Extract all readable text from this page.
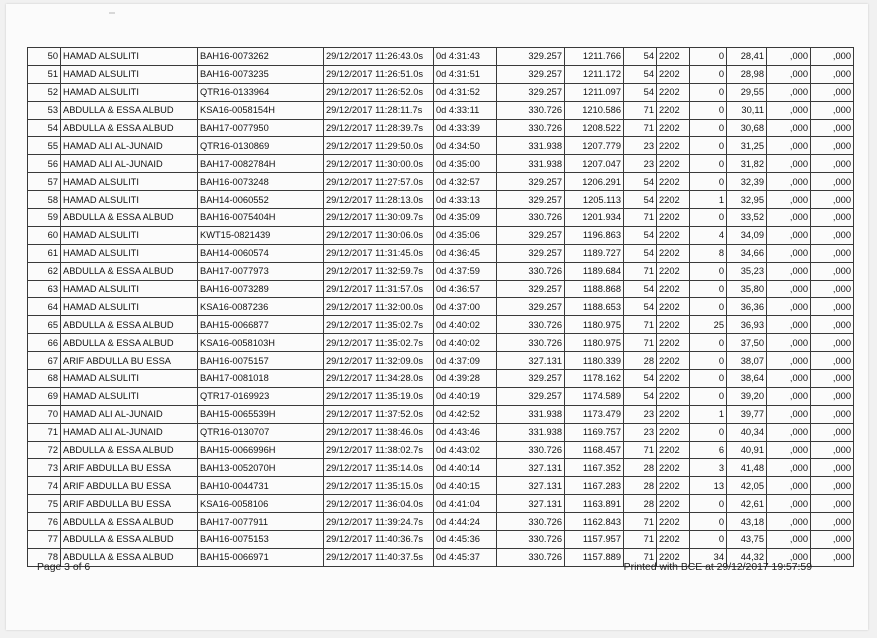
50	HAMAD ALSULITI	BAH16-0073262	29/12/2017 11:26:43.0s	0d 4:31:43	329.257	1211.766	54	2202	0	28,41	,000	,000
51	HAMAD ALSULITI	BAH16-0073235	29/12/2017 11:26:51.0s	0d 4:31:51	329.257	1211.172	54	2202	0	28,98	,000	,000
52	HAMAD ALSULITI	QTR16-0133964	29/12/2017 11:26:52.0s	0d 4:31:52	329.257	1211.097	54	2202	0	29,55	,000	,000
53	ABDULLA & ESSA ALBUD	KSA16-0058154H	29/12/2017 11:28:11.7s	0d 4:33:11	330.726	1210.586	71	2202	0	30,11	,000	,000
54	ABDULLA & ESSA ALBUD	BAH17-0077950	29/12/2017 11:28:39.7s	0d 4:33:39	330.726	1208.522	71	2202	0	30,68	,000	,000
55	HAMAD ALI AL-JUNAID	QTR16-0130869	29/12/2017 11:29:50.0s	0d 4:34:50	331.938	1207.779	23	2202	0	31,25	,000	,000
56	HAMAD ALI AL-JUNAID	BAH17-0082784H	29/12/2017 11:30:00.0s	0d 4:35:00	331.938	1207.047	23	2202	0	31,82	,000	,000
57	HAMAD ALSULITI	BAH16-0073248	29/12/2017 11:27:57.0s	0d 4:32:57	329.257	1206.291	54	2202	0	32,39	,000	,000
58	HAMAD ALSULITI	BAH14-0060552	29/12/2017 11:28:13.0s	0d 4:33:13	329.257	1205.113	54	2202	1	32,95	,000	,000
59	ABDULLA & ESSA ALBUD	BAH16-0075404H	29/12/2017 11:30:09.7s	0d 4:35:09	330.726	1201.934	71	2202	0	33,52	,000	,000
60	HAMAD ALSULITI	KWT15-0821439	29/12/2017 11:30:06.0s	0d 4:35:06	329.257	1196.863	54	2202	4	34,09	,000	,000
61	HAMAD ALSULITI	BAH14-0060574	29/12/2017 11:31:45.0s	0d 4:36:45	329.257	1189.727	54	2202	8	34,66	,000	,000
62	ABDULLA & ESSA ALBUD	BAH17-0077973	29/12/2017 11:32:59.7s	0d 4:37:59	330.726	1189.684	71	2202	0	35,23	,000	,000
63	HAMAD ALSULITI	BAH16-0073289	29/12/2017 11:31:57.0s	0d 4:36:57	329.257	1188.868	54	2202	0	35,80	,000	,000
64	HAMAD ALSULITI	KSA16-0087236	29/12/2017 11:32:00.0s	0d 4:37:00	329.257	1188.653	54	2202	0	36,36	,000	,000
65	ABDULLA & ESSA ALBUD	BAH15-0066877	29/12/2017 11:35:02.7s	0d 4:40:02	330.726	1180.975	71	2202	25	36,93	,000	,000
66	ABDULLA & ESSA ALBUD	KSA16-0058103H	29/12/2017 11:35:02.7s	0d 4:40:02	330.726	1180.975	71	2202	0	37,50	,000	,000
67	ARIF ABDULLA BU ESSA	BAH16-0075157	29/12/2017 11:32:09.0s	0d 4:37:09	327.131	1180.339	28	2202	0	38,07	,000	,000
68	HAMAD ALSULITI	BAH17-0081018	29/12/2017 11:34:28.0s	0d 4:39:28	329.257	1178.162	54	2202	0	38,64	,000	,000
69	HAMAD ALSULITI	QTR17-0169923	29/12/2017 11:35:19.0s	0d 4:40:19	329.257	1174.589	54	2202	0	39,20	,000	,000
70	HAMAD ALI AL-JUNAID	BAH15-0065539H	29/12/2017 11:37:52.0s	0d 4:42:52	331.938	1173.479	23	2202	1	39,77	,000	,000
71	HAMAD ALI AL-JUNAID	QTR16-0130707	29/12/2017 11:38:46.0s	0d 4:43:46	331.938	1169.757	23	2202	0	40,34	,000	,000
72	ABDULLA & ESSA ALBUD	BAH15-0066996H	29/12/2017 11:38:02.7s	0d 4:43:02	330.726	1168.457	71	2202	6	40,91	,000	,000
73	ARIF ABDULLA BU ESSA	BAH13-0052070H	29/12/2017 11:35:14.0s	0d 4:40:14	327.131	1167.352	28	2202	3	41,48	,000	,000
74	ARIF ABDULLA BU ESSA	BAH10-0044731	29/12/2017 11:35:15.0s	0d 4:40:15	327.131	1167.283	28	2202	13	42,05	,000	,000
75	ARIF ABDULLA BU ESSA	KSA16-0058106	29/12/2017 11:36:04.0s	0d 4:41:04	327.131	1163.891	28	2202	0	42,61	,000	,000
76	ABDULLA & ESSA ALBUD	BAH17-0077911	29/12/2017 11:39:24.7s	0d 4:44:24	330.726	1162.843	71	2202	0	43,18	,000	,000
77	ABDULLA & ESSA ALBUD	BAH16-0075153	29/12/2017 11:40:36.7s	0d 4:45:36	330.726	1157.957	71	2202	0	43,75	,000	,000
78	ABDULLA & ESSA ALBUD	BAH15-0066971	29/12/2017 11:40:37.5s	0d 4:45:37	330.726	1157.889	71	2202	34	44,32	,000	,000
Page 3 of 6	Printed with BCE at 29/12/2017 19:57:59
